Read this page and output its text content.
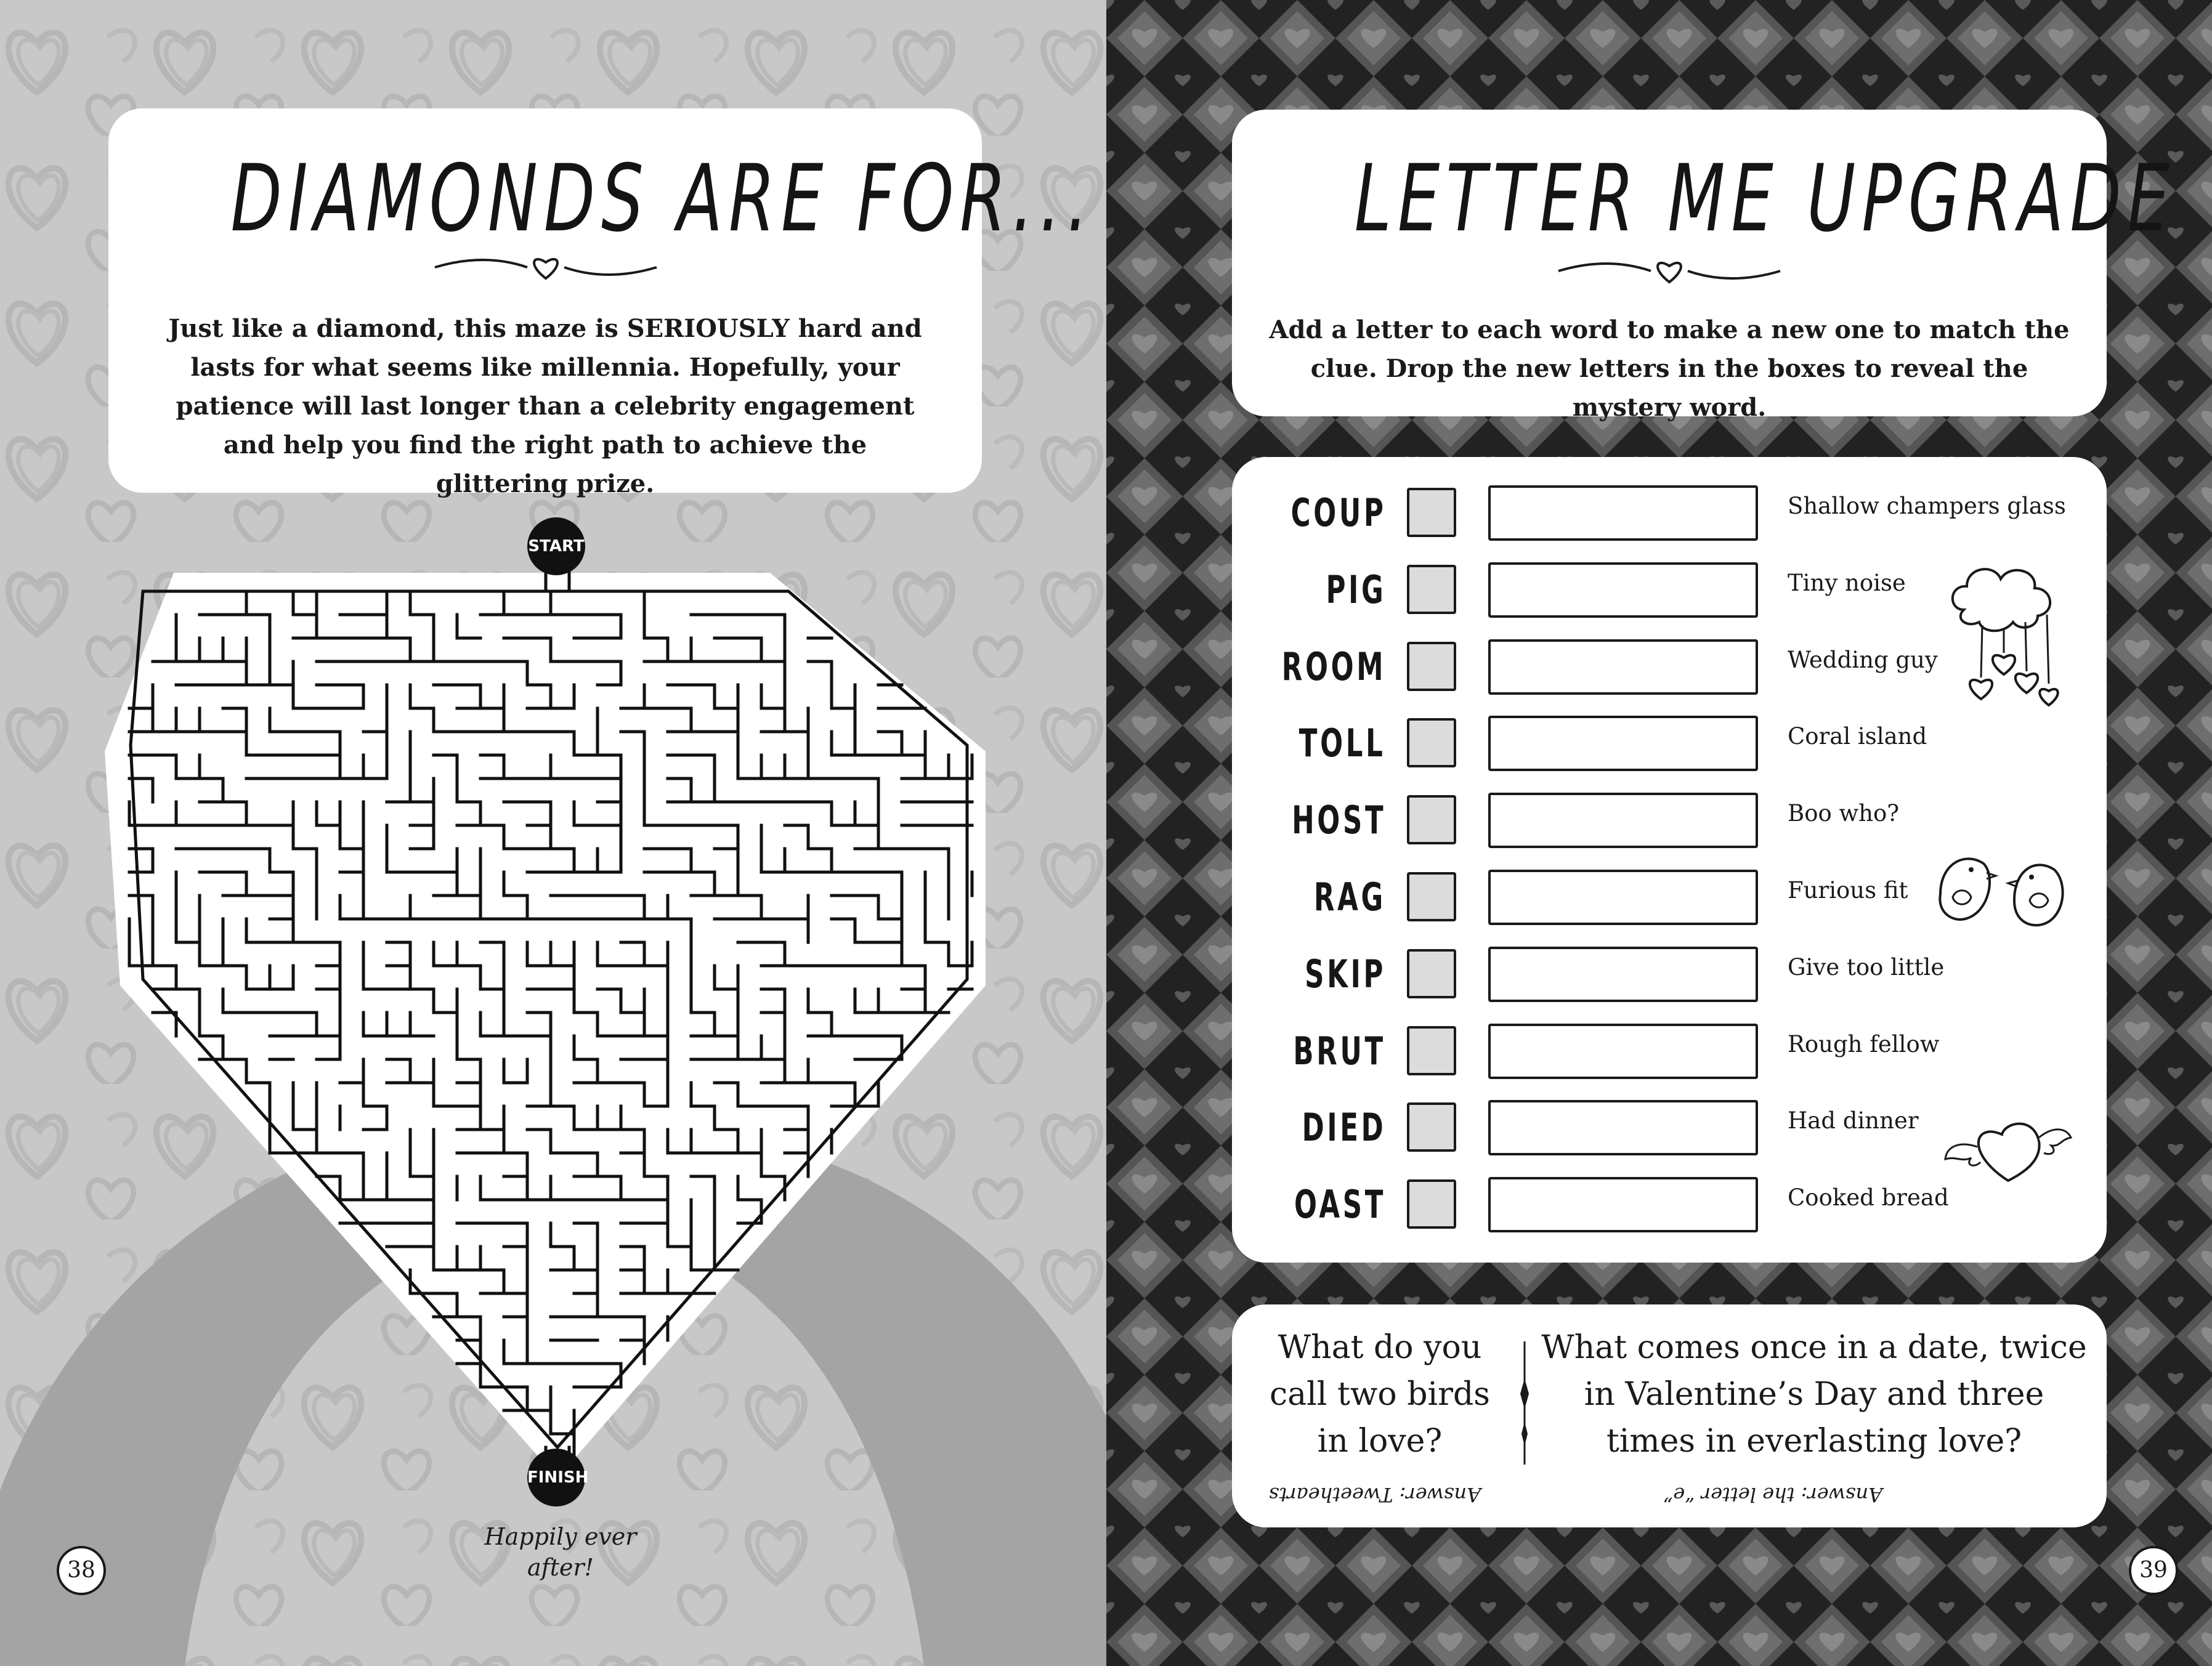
DIAMONDS ARE FOR...
Just like a diamond, this maze is SERIOUSLY hard and lasts for what seems like millennia. Hopefully, your patience will last longer than a celebrity engagement and help you find the right path to achieve the glittering prize.
START
FINISH
Happily ever after!
38
LETTER ME UPGRADE
Add a letter to each word to make a new one to match the clue. Drop the new letters in the boxes to reveal the mystery word.
COUP	Shallow champers glass
PIG	Tiny noise
ROOM	Wedding guy
TOLL	Coral island
HOST	Boo who?
RAG	Furious fit
SKIP	Give too little
BRUT	Rough fellow
DIED	Had dinner
OAST	Cooked bread
What do you call two birds in love?
What comes once in a date, twice in Valentine’s Day and three times in everlasting love?
Answer: Tweethearts	Answer: the letter “e”
39
